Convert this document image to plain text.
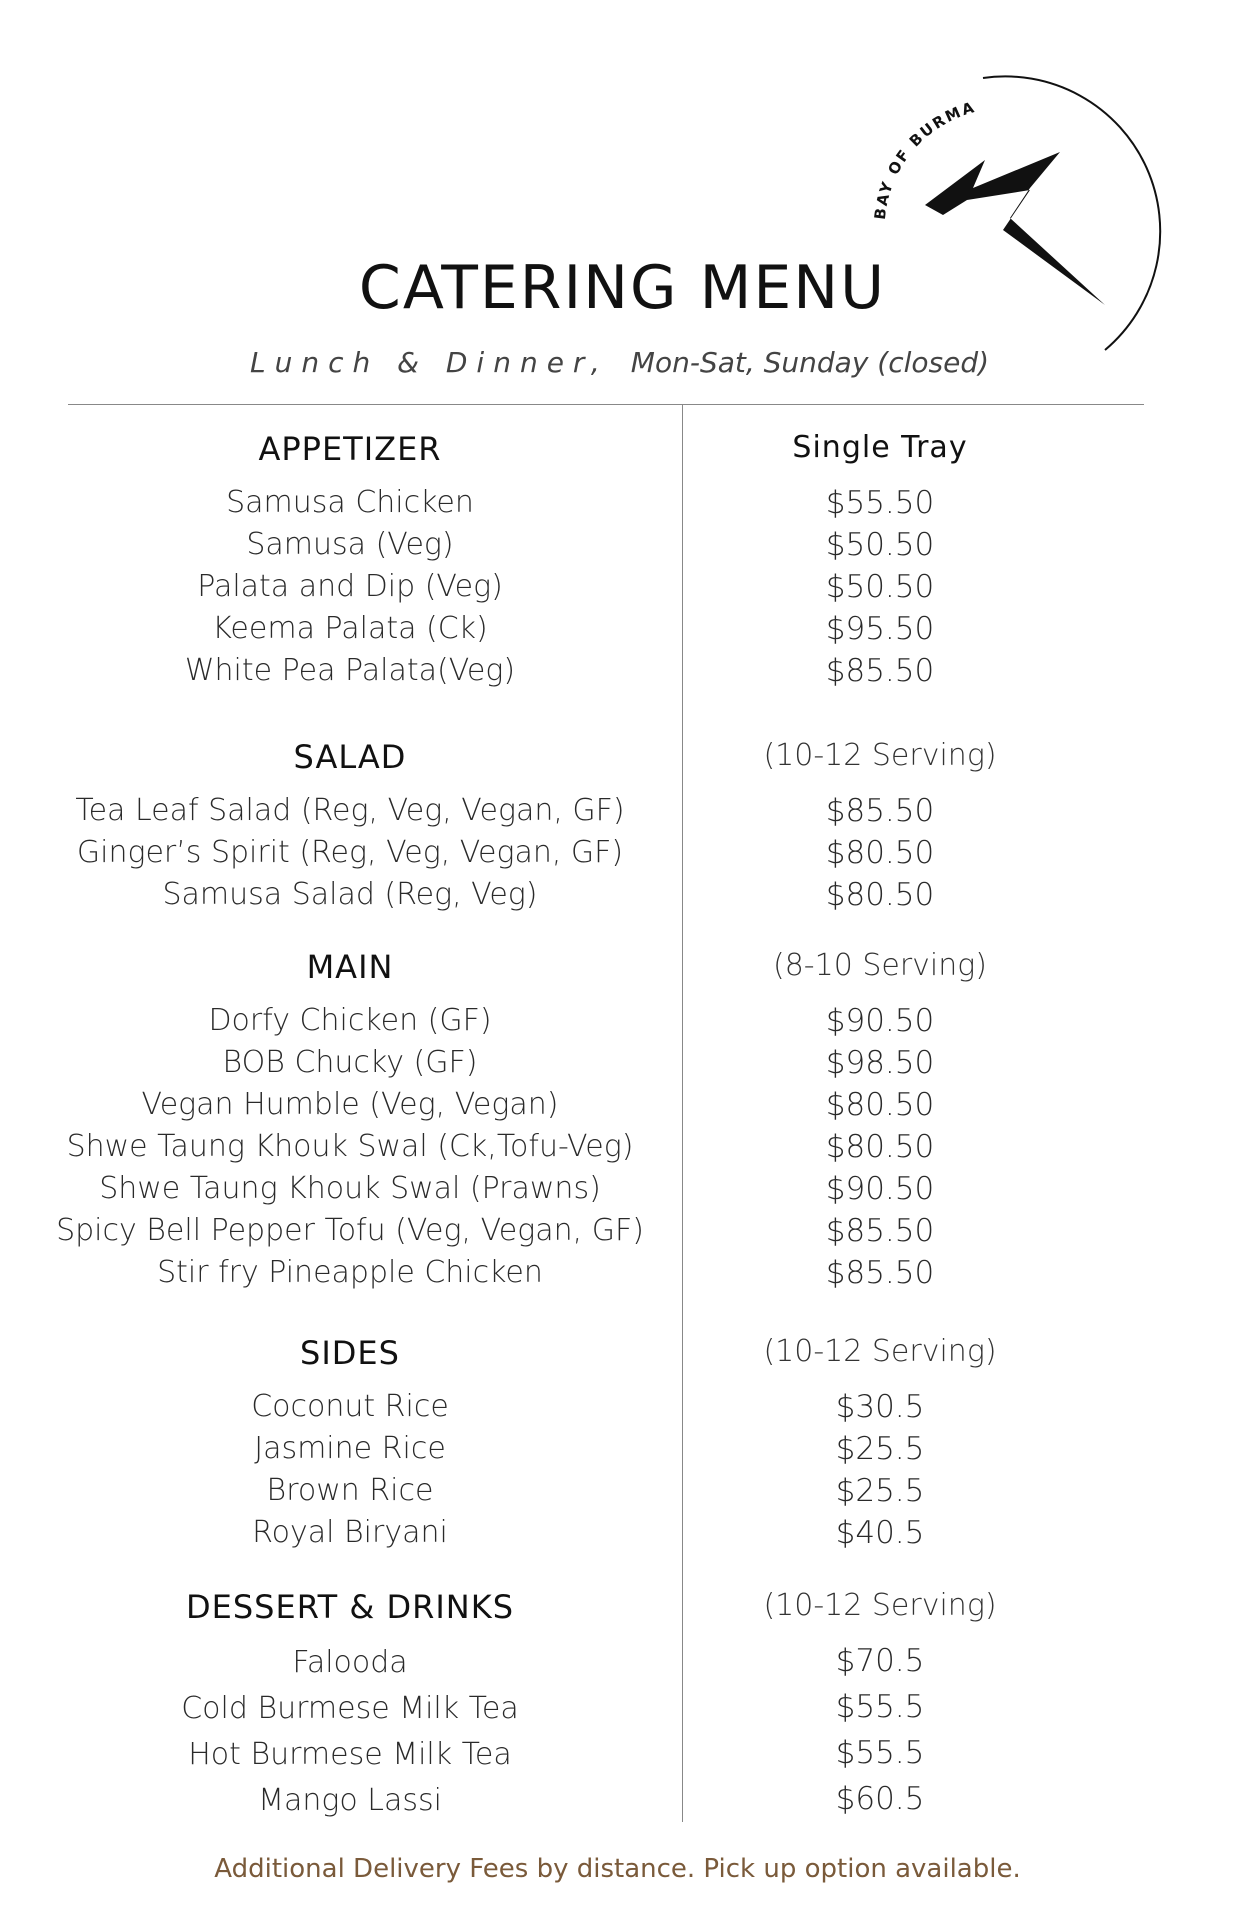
BAY OF BURMA
CATERING MENU
Lunch & Dinner, Mon-Sat, Sunday (closed)
APPETIZER	Single Tray
Samusa Chicken	$55.50
Samusa (Veg)	$50.50
Palata and Dip (Veg)	$50.50
Keema Palata (Ck)	$95.50
White Pea Palata(Veg)	$85.50
SALAD	(10-12 Serving)
Tea Leaf Salad (Reg, Veg, Vegan, GF)	$85.50
Ginger’s Spirit (Reg, Veg, Vegan, GF)	$80.50
Samusa Salad (Reg, Veg)	$80.50
MAIN	(8-10 Serving)
Dorfy Chicken (GF)	$90.50
BOB Chucky (GF)	$98.50
Vegan Humble (Veg, Vegan)	$80.50
Shwe Taung Khouk Swal (Ck,Tofu-Veg)	$80.50
Shwe Taung Khouk Swal (Prawns)	$90.50
Spicy Bell Pepper Tofu (Veg, Vegan, GF)	$85.50
Stir fry Pineapple Chicken	$85.50
SIDES	(10-12 Serving)
Coconut Rice	$30.5
Jasmine Rice	$25.5
Brown Rice	$25.5
Royal Biryani	$40.5
DESSERT & DRINKS	(10-12 Serving)
Falooda	$70.5
Cold Burmese Milk Tea	$55.5
Hot Burmese Milk Tea	$55.5
Mango Lassi	$60.5
Additional Delivery Fees by distance. Pick up option available.
